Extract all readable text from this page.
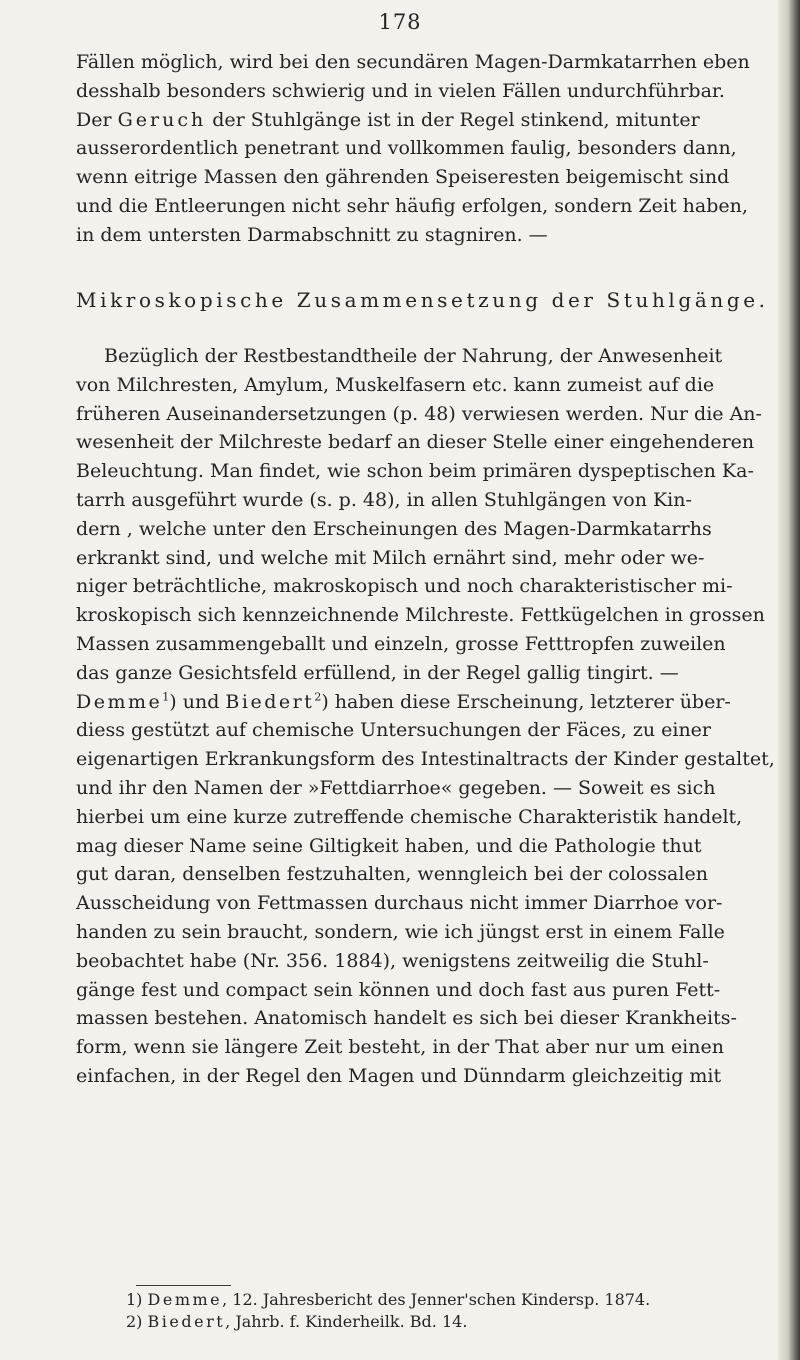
178
Fällen möglich, wird bei den secundären Magen-Darmkatarrhen eben
desshalb besonders schwierig und in vielen Fällen undurchführbar.
Der Geruch der Stuhlgänge ist in der Regel stinkend, mitunter
ausserordentlich penetrant und vollkommen faulig, besonders dann,
wenn eitrige Massen den gährenden Speiseresten beigemischt sind
und die Entleerungen nicht sehr häufig erfolgen, sondern Zeit haben,
in dem untersten Darmabschnitt zu stagniren. —
Mikroskopische Zusammensetzung der Stuhlgänge.
Bezüglich der Restbestandtheile der Nahrung, der Anwesenheit
von Milchresten, Amylum, Muskelfasern etc. kann zumeist auf die
früheren Auseinandersetzungen (p. 48) verwiesen werden. Nur die An-
wesenheit der Milchreste bedarf an dieser Stelle einer eingehenderen
Beleuchtung. Man findet, wie schon beim primären dyspeptischen Ka-
tarrh ausgeführt wurde (s. p. 48), in allen Stuhlgängen von Kin-
dern , welche unter den Erscheinungen des Magen-Darmkatarrhs
erkrankt sind, und welche mit Milch ernährt sind, mehr oder we-
niger beträchtliche, makroskopisch und noch charakteristischer mi-
kroskopisch sich kennzeichnende Milchreste. Fettkügelchen in grossen
Massen zusammengeballt und einzeln, grosse Fetttropfen zuweilen
das ganze Gesichtsfeld erfüllend, in der Regel gallig tingirt. —
Demme$^1$) und Biedert$^2$) haben diese Erscheinung, letzterer über-
diess gestützt auf chemische Untersuchungen der Fäces, zu einer
eigenartigen Erkrankungsform des Intestinaltracts der Kinder gestaltet,
und ihr den Namen der »Fettdiarrhoe« gegeben. — Soweit es sich
hierbei um eine kurze zutreffende chemische Charakteristik handelt,
mag dieser Name seine Giltigkeit haben, und die Pathologie thut
gut daran, denselben festzuhalten, wenngleich bei der colossalen
Ausscheidung von Fettmassen durchaus nicht immer Diarrhoe vor-
handen zu sein braucht, sondern, wie ich jüngst erst in einem Falle
beobachtet habe (Nr. 356. 1884), wenigstens zeitweilig die Stuhl-
gänge fest und compact sein können und doch fast aus puren Fett-
massen bestehen. Anatomisch handelt es sich bei dieser Krankheits-
form, wenn sie längere Zeit besteht, in der That aber nur um einen
einfachen, in der Regel den Magen und Dünndarm gleichzeitig mit
1) Demme, 12. Jahresbericht des Jenner'schen Kindersp. 1874.
2) Biedert, Jahrb. f. Kinderheilk. Bd. 14.
